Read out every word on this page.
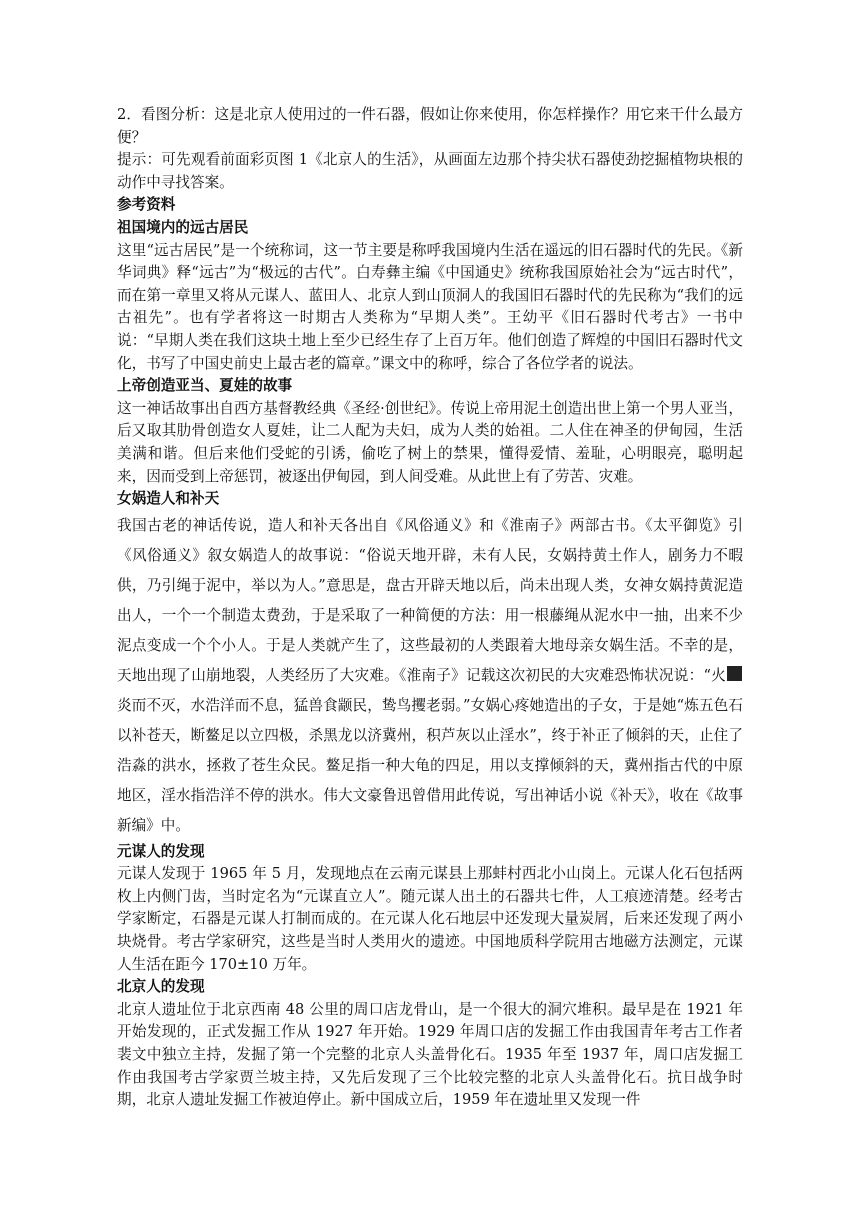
2．看图分析：这是北京人使用过的一件石器，假如让你来使用，你怎样操作？用它来干什么最方便？

提示：可先观看前面彩页图 1《北京人的生活》，从画面左边那个持尖状石器使劲挖掘植物块根的动作中寻找答案。

参考资料

祖国境内的远古居民

这里“远古居民”是一个统称词，这一节主要是称呼我国境内生活在遥远的旧石器时代的先民。《新华词典》释“远古”为“极远的古代”。白寿彝主编《中国通史》统称我国原始社会为“远古时代”，而在第一章里又将从元谋人、蓝田人、北京人到山顶洞人的我国旧石器时代的先民称为“我们的远古祖先”。也有学者将这一时期古人类称为“早期人类”。王幼平《旧石器时代考古》一书中说：“早期人类在我们这块土地上至少已经生存了上百万年。他们创造了辉煌的中国旧石器时代文化，书写了中国史前史上最古老的篇章。”课文中的称呼，综合了各位学者的说法。

上帝创造亚当、夏娃的故事

这一神话故事出自西方基督教经典《圣经·创世纪》。传说上帝用泥土创造出世上第一个男人亚当，后又取其肋骨创造女人夏娃，让二人配为夫妇，成为人类的始祖。二人住在神圣的伊甸园，生活美满和谐。但后来他们受蛇的引诱，偷吃了树上的禁果，懂得爱情、羞耻，心明眼亮，聪明起来，因而受到上帝惩罚，被逐出伊甸园，到人间受难。从此世上有了劳苦、灾难。

女娲造人和补天

我国古老的神话传说，造人和补天各出自《风俗通义》和《淮南子》两部古书。《太平御览》引《风俗通义》叙女娲造人的故事说：“俗说天地开辟，未有人民，女娲持黄土作人，剧务力不暇供，乃引绳于泥中，举以为人。”意思是，盘古开辟天地以后，尚未出现人类，女神女娲持黄泥造出人，一个一个制造太费劲，于是采取了一种简便的方法：用一根藤绳从泥水中一抽，出来不少泥点变成一个个小人。于是人类就产生了，这些最初的人类跟着大地母亲女娲生活。不幸的是，天地出现了山崩地裂，人类经历了大灾难。《淮南子》记载这次初民的大灾难恐怖状况说：“火炎而不灭，水浩洋而不息，猛兽食颛民，鸷鸟攫老弱。”女娲心疼她造出的子女，于是她“炼五色石以补苍天，断鳌足以立四极，杀黑龙以济冀州，积芦灰以止淫水”，终于补正了倾斜的天，止住了浩淼的洪水，拯救了苍生众民。鳌足指一种大龟的四足，用以支撑倾斜的天，冀州指古代的中原地区，淫水指浩洋不停的洪水。伟大文豪鲁迅曾借用此传说，写出神话小说《补天》，收在《故事新编》中。

元谋人的发现

元谋人发现于 1965 年 5 月，发现地点在云南元谋县上那蚌村西北小山岗上。元谋人化石包括两枚上内侧门齿，当时定名为“元谋直立人”。随元谋人出土的石器共七件，人工痕迹清楚。经考古学家断定，石器是元谋人打制而成的。在元谋人化石地层中还发现大量炭屑，后来还发现了两小块烧骨。考古学家研究，这些是当时人类用火的遗迹。中国地质科学院用古地磁方法测定，元谋人生活在距今 170±10 万年。

北京人的发现

北京人遗址位于北京西南 48 公里的周口店龙骨山，是一个很大的洞穴堆积。最早是在 1921 年开始发现的，正式发掘工作从 1927 年开始。1929 年周口店的发掘工作由我国青年考古工作者裴文中独立主持，发掘了第一个完整的北京人头盖骨化石。1935 年至 1937 年，周口店发掘工作由我国考古学家贾兰坡主持，又先后发现了三个比较完整的北京人头盖骨化石。抗日战争时期，北京人遗址发掘工作被迫停止。新中国成立后，1959 年在遗址里又发现一件
